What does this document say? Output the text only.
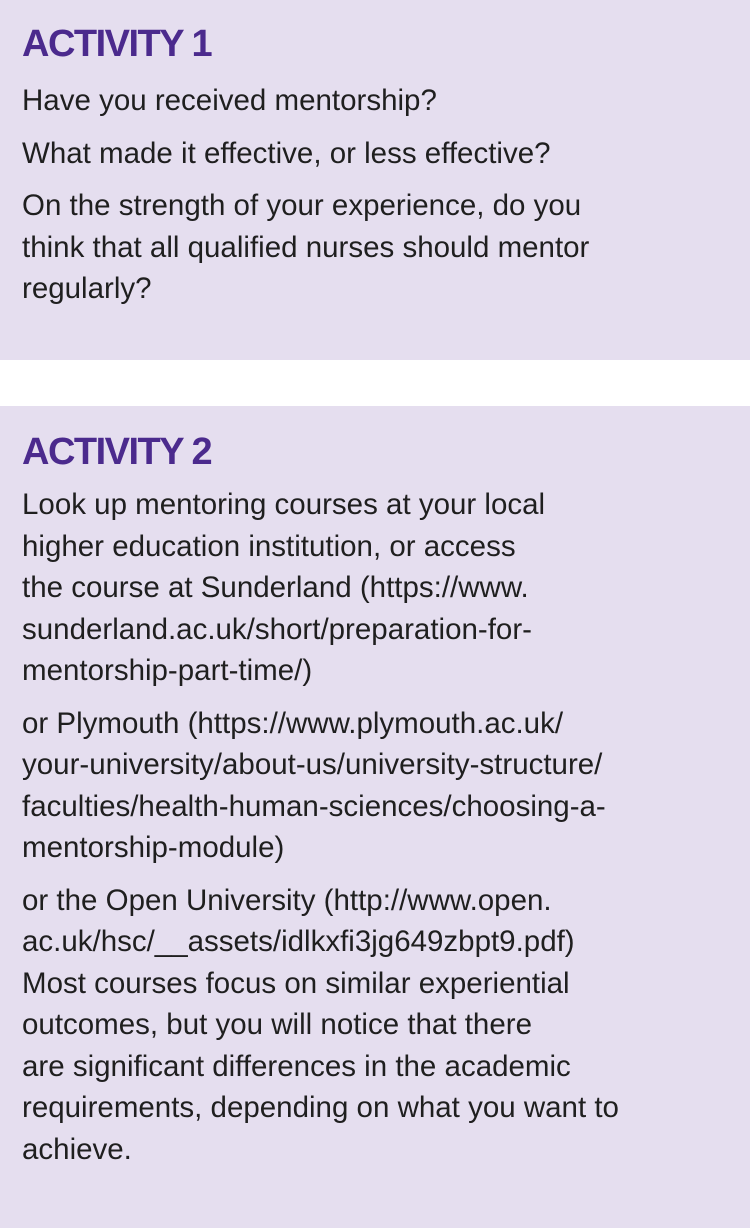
ACTIVITY 1

Have you received mentorship?

What made it effective, or less effective?

On the strength of your experience, do you
think that all qualified nurses should mentor
regularly?

ACTIVITY 2

Look up mentoring courses at your local
higher education institution, or access
the course at Sunderland (https://www.
sunderland.ac.uk/short/preparation-for-
mentorship-part-time/)

or Plymouth (https://www.plymouth.ac.uk/
your-university/about-us/university-structure/
faculties/health-human-sciences/choosing-a-
mentorship-module)

or the Open University (http://www.open.
ac.uk/hsc/__assets/idlkxfi3jg649zbpt9.pdf)
Most courses focus on similar experiential
outcomes, but you will notice that there
are significant differences in the academic
requirements, depending on what you want to
achieve.
